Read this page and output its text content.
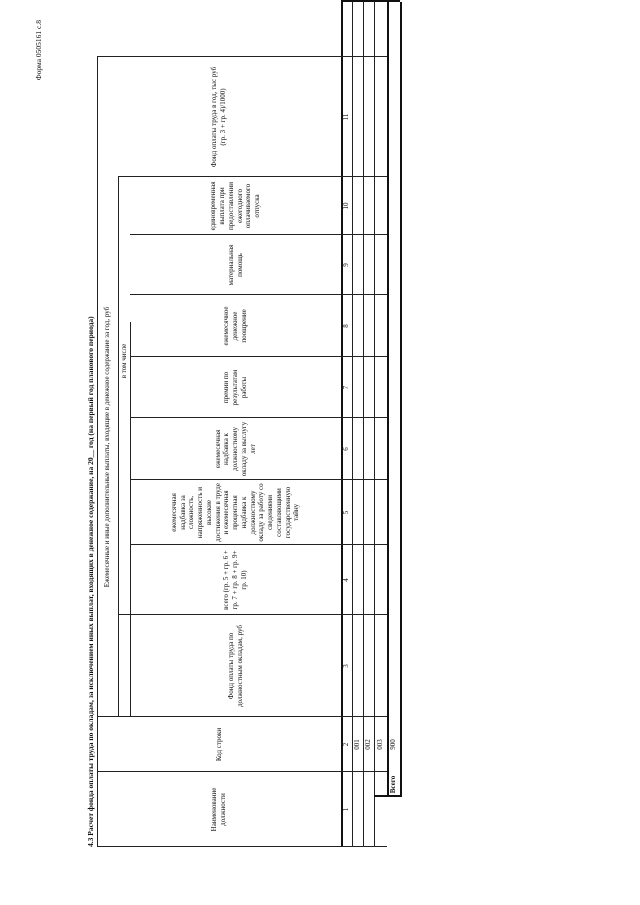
Форма 0505161 с.8
4.3 Расчет фонда оплаты труда по окладам, за исключением иных выплат, входящих в денежное содержание, на 20__ год (на первый год планового периода)	Наименование должности
Код строки
Фонд оплаты труда по должностным окладам, руб
Ежемесячные и иные дополнительные выплаты, входящие в денежное содержание за год, руб	всего (гр. 5 + гр. 6 + гр. 7 + гр. 8 + гр. 9+ гр. 10)
в том числе
ежемесячная надбавка за сложность, напряженность и высокие достижения в труде и ежемесячная процентная надбавка к должностному окладу за работу со сведениями составляющими государственную тайну
ежемесячная надбавка к должностному окладу за выслугу лет
премии по результатам работы
ежемесячное денежное поощрение
материальная помощь
единовременная выплата при предоставлении ежегодного оплачиваемого отпуска
Фонд оплаты труда в год, тыс руб (гр. 3 + гр. 4)/1000)
1
2
3
4
5
6
7
8
9
10
11
001 002 003 900
Всего
